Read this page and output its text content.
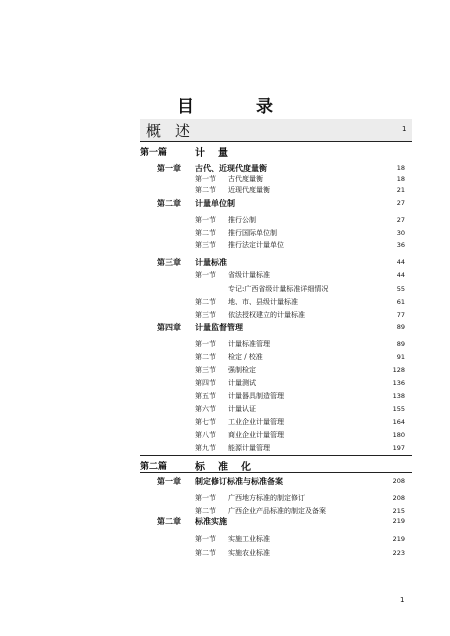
目 录
概述	1
第一篇	计量
第一章 古代、近现代度量衡	18
第一节 古代度量衡	18
第二节 近现代度量衡	21
第二章 计量单位制	27
第一节 推行公制	27
第二节 推行国际单位制	30
第三节 推行法定计量单位	36
第三章 计量标准	44
第一节 省级计量标准	44
专记:广西省级计量标准详细情况	55
第二节 地、市、县级计量标准	61
第三节 依法授权建立的计量标准	77
第四章 计量监督管理	89
第一节 计量标准管理	89
第二节 检定 / 校准	91
第三节 强制检定	128
第四节 计量测试	136
第五节 计量器具制造管理	138
第六节 计量认证	155
第七节 工业企业计量管理	164
第八节 商业企业计量管理	180
第九节 能源计量管理	197
第二篇	标准化
第一章 制定修订标准与标准备案	208
第一节 广西地方标准的制定修订	208
第二节 广西企业产品标准的制定及备案	215
第二章 标准实施	219
第一节 实施工业标准	219
第二节 实施农业标准	223
1
